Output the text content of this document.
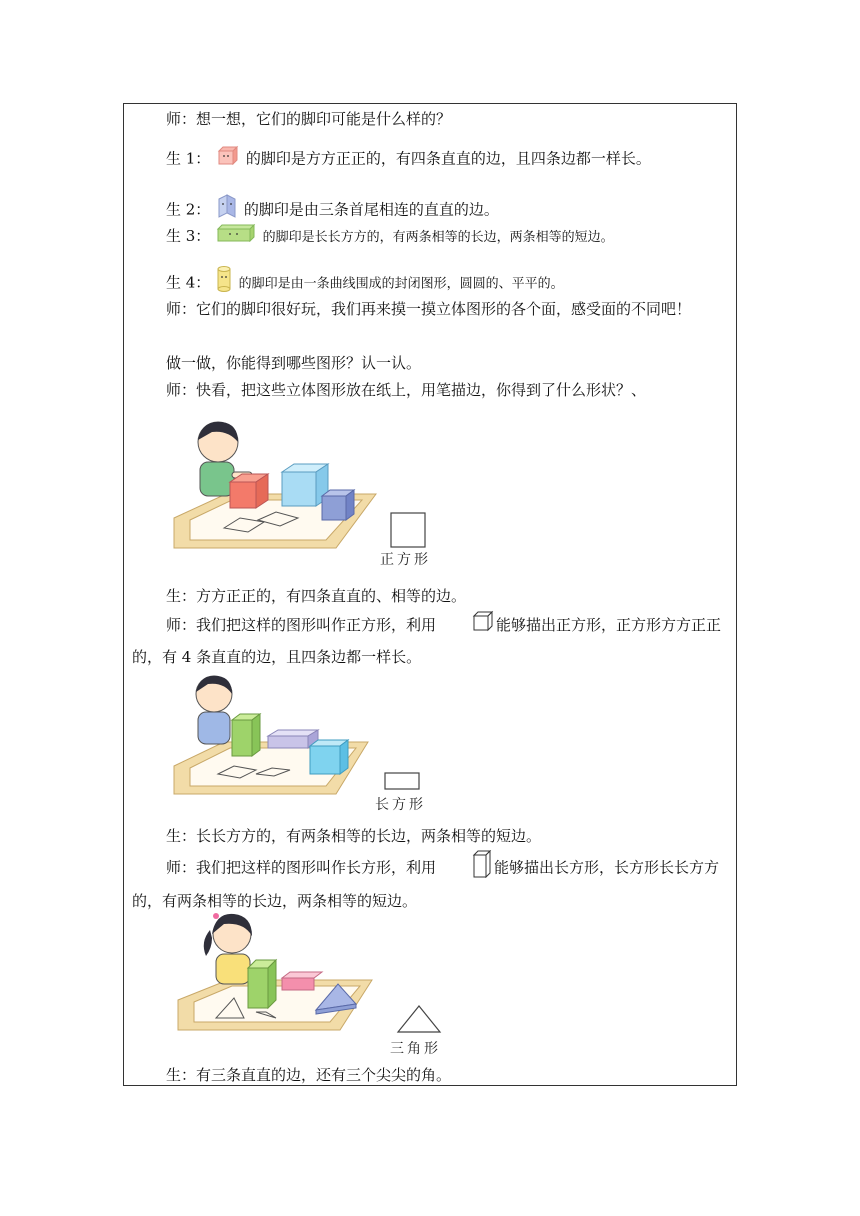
师：想一想，它们的脚印可能是什么样的？
生 1： 的脚印是方方正正的，有四条直直的边，且四条边都一样长。
生 2： 的脚印是由三条首尾相连的直直的边。
生 3：	的脚印是长长方方的，有两条相等的长边，两条相等的短边。
生 4： 的脚印是由一条曲线围成的封闭图形，圆圆的、平平的。
师：它们的脚印很好玩，我们再来摸一摸立体图形的各个面，感受面的不同吧！
做一做，你能得到哪些图形？认一认。
师：快看，把这些立体图形放在纸上，用笔描边，你得到了什么形状？、
正方形
生：方方正正的，有四条直直的、相等的边。
师：我们把这样的图形叫作正方形，利用	能够描出正方形，正方形方方正正的，有 4 条直直的边，且四条边都一样长。
长方形
生：长长方方的，有两条相等的长边，两条相等的短边。
师：我们把这样的图形叫作长方形，利用	能够描出长方形，长方形长长方方的，有两条相等的长边，两条相等的短边。
三角形
生：有三条直直的边，还有三个尖尖的角。
